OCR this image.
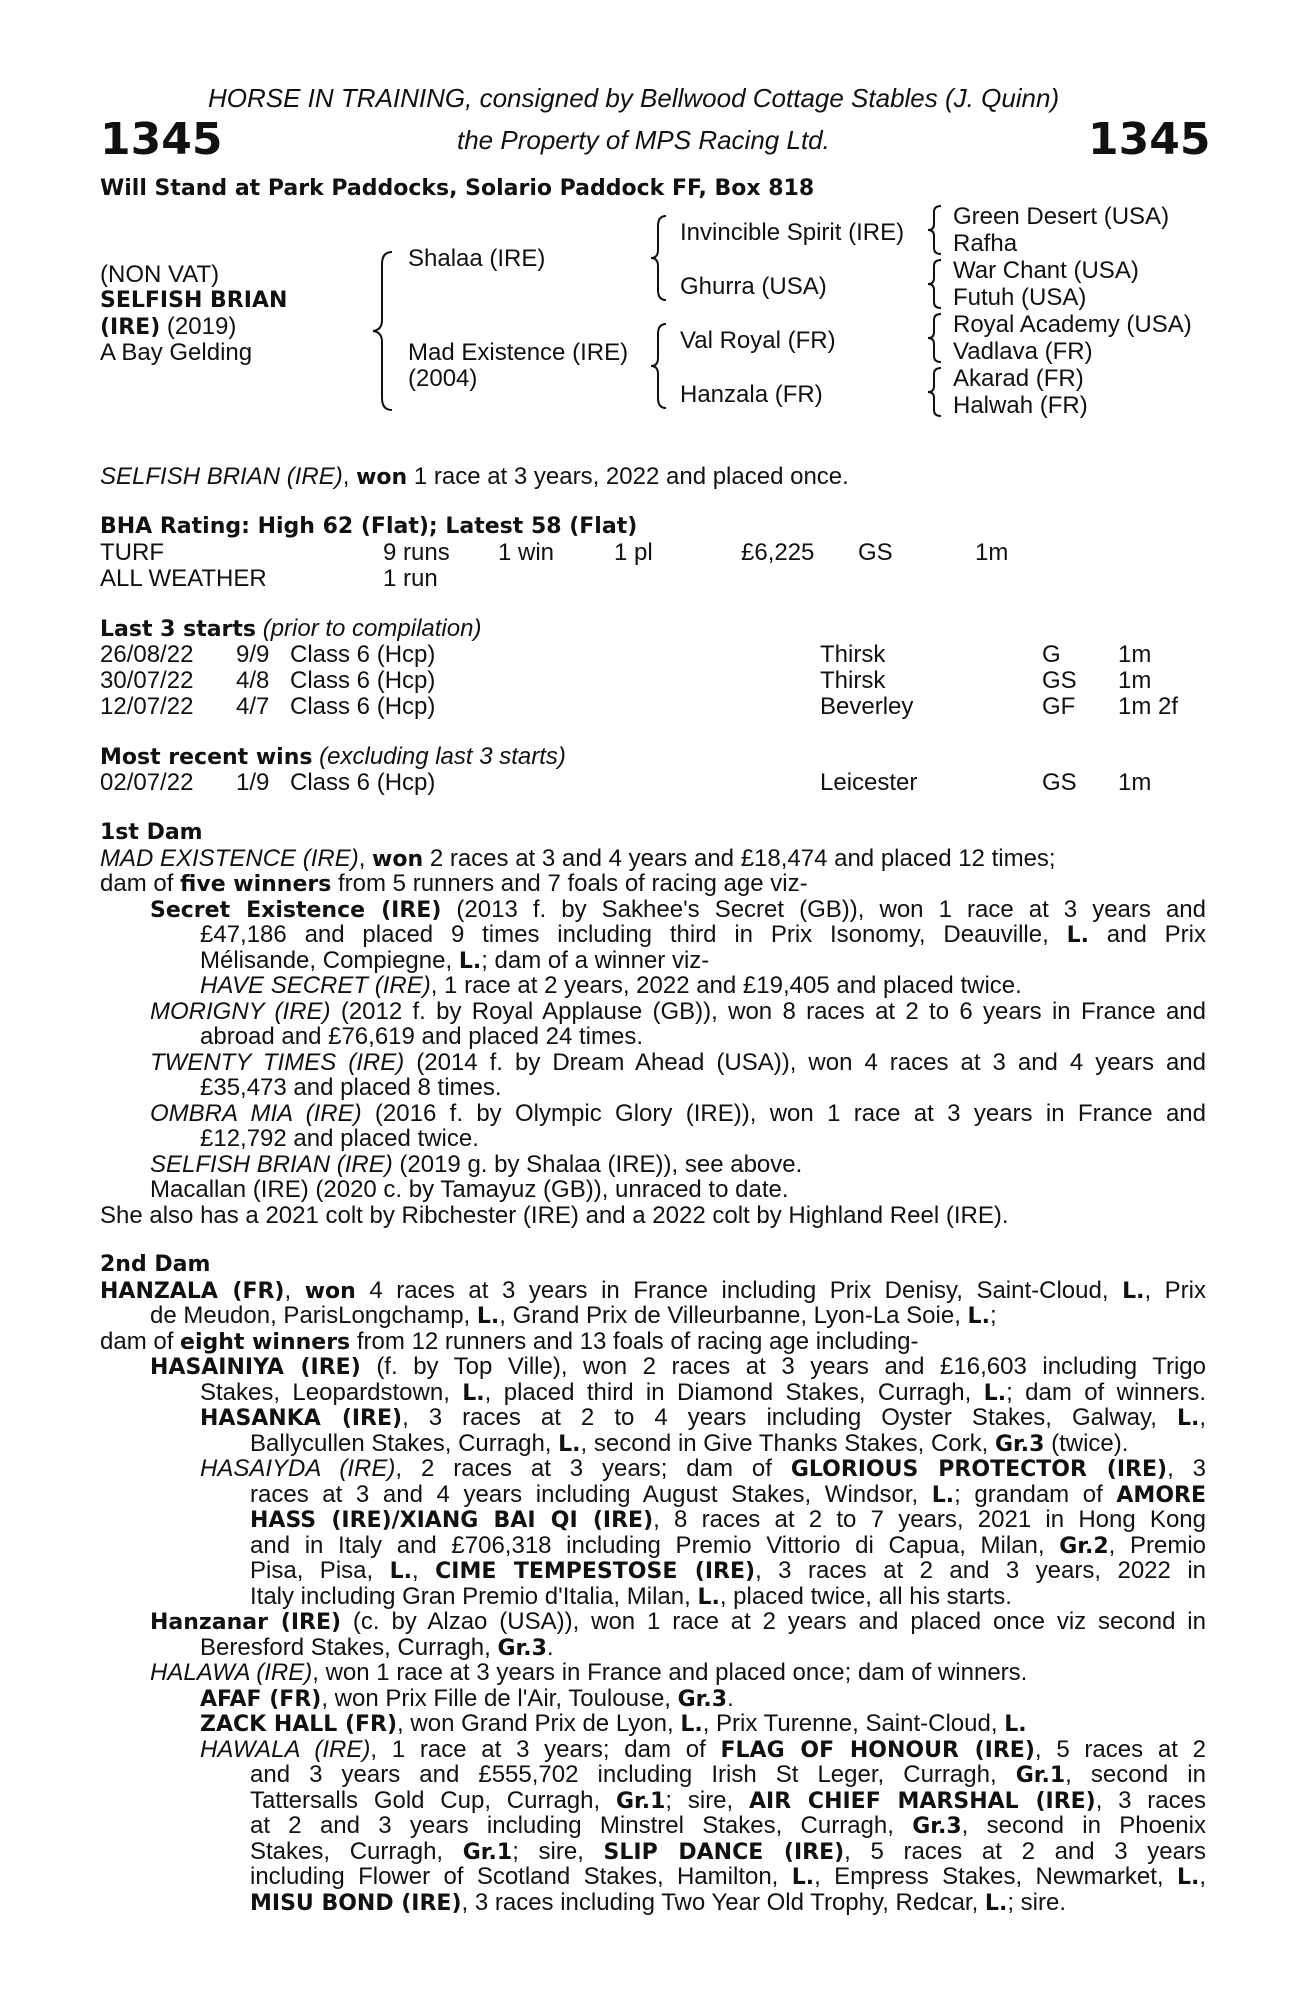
HORSE IN TRAINING, consigned by Bellwood Cottage Stables (J. Quinn)
1345	the Property of MPS Racing Ltd.	1345
Will Stand at Park Paddocks, Solario Paddock FF, Box 818
(NON VAT)
SELFISH BRIAN
(IRE) (2019)
A Bay Gelding
Shalaa (IRE)
Mad Existence (IRE)
(2004)
Invincible Spirit (IRE)
Ghurra (USA)
Val Royal (FR)
Hanzala (FR)
Green Desert (USA)
Rafha
War Chant (USA)
Futuh (USA)
Royal Academy (USA)
Vadlava (FR)
Akarad (FR)
Halwah (FR)
SELFISH BRIAN (IRE), won 1 race at 3 years, 2022 and placed once.
BHA Rating: High 62 (Flat); Latest 58 (Flat)
TURF	9 runs 1 win 1 pl	£6,225 GS	1m
ALL WEATHER	1 run
Last 3 starts (prior to compilation)
26/08/22 9/9 Class 6 (Hcp)	Thirsk	G 1m
30/07/22 4/8 Class 6 (Hcp)	Thirsk	GS 1m
12/07/22 4/7 Class 6 (Hcp)	Beverley	GF 1m 2f
Most recent wins (excluding last 3 starts)
02/07/22 1/9 Class 6 (Hcp)	Leicester	GS 1m
1st Dam
MAD EXISTENCE (IRE), won 2 races at 3 and 4 years and £18,474 and placed 12 times;
dam of five winners from 5 runners and 7 foals of racing age viz-
Secret Existence (IRE) (2013 f. by Sakhee's Secret (GB)), won 1 race at 3 years and
£47,186 and placed 9 times including third in Prix Isonomy, Deauville, L. and Prix
Mélisande, Compiegne, L.; dam of a winner viz-
HAVE SECRET (IRE), 1 race at 2 years, 2022 and £19,405 and placed twice.
MORIGNY (IRE) (2012 f. by Royal Applause (GB)), won 8 races at 2 to 6 years in France and
abroad and £76,619 and placed 24 times.
TWENTY TIMES (IRE) (2014 f. by Dream Ahead (USA)), won 4 races at 3 and 4 years and
£35,473 and placed 8 times.
OMBRA MIA (IRE) (2016 f. by Olympic Glory (IRE)), won 1 race at 3 years in France and
£12,792 and placed twice.
SELFISH BRIAN (IRE) (2019 g. by Shalaa (IRE)), see above.
Macallan (IRE) (2020 c. by Tamayuz (GB)), unraced to date.
She also has a 2021 colt by Ribchester (IRE) and a 2022 colt by Highland Reel (IRE).
2nd Dam
HANZALA (FR), won 4 races at 3 years in France including Prix Denisy, Saint-Cloud, L., Prix
de Meudon, ParisLongchamp, L., Grand Prix de Villeurbanne, Lyon-La Soie, L.;
dam of eight winners from 12 runners and 13 foals of racing age including-
HASAINIYA (IRE) (f. by Top Ville), won 2 races at 3 years and £16,603 including Trigo
Stakes, Leopardstown, L., placed third in Diamond Stakes, Curragh, L.; dam of winners.
HASANKA (IRE), 3 races at 2 to 4 years including Oyster Stakes, Galway, L.,
Ballycullen Stakes, Curragh, L., second in Give Thanks Stakes, Cork, Gr.3 (twice).
HASAIYDA (IRE), 2 races at 3 years; dam of GLORIOUS PROTECTOR (IRE), 3
races at 3 and 4 years including August Stakes, Windsor, L.; grandam of AMORE
HASS (IRE)/XIANG BAI QI (IRE), 8 races at 2 to 7 years, 2021 in Hong Kong
and in Italy and £706,318 including Premio Vittorio di Capua, Milan, Gr.2, Premio
Pisa, Pisa, L., CIME TEMPESTOSE (IRE), 3 races at 2 and 3 years, 2022 in
Italy including Gran Premio d'Italia, Milan, L., placed twice, all his starts.
Hanzanar (IRE) (c. by Alzao (USA)), won 1 race at 2 years and placed once viz second in
Beresford Stakes, Curragh, Gr.3.
HALAWA (IRE), won 1 race at 3 years in France and placed once; dam of winners.
AFAF (FR), won Prix Fille de l'Air, Toulouse, Gr.3.
ZACK HALL (FR), won Grand Prix de Lyon, L., Prix Turenne, Saint-Cloud, L.
HAWALA (IRE), 1 race at 3 years; dam of FLAG OF HONOUR (IRE), 5 races at 2
and 3 years and £555,702 including Irish St Leger, Curragh, Gr.1, second in
Tattersalls Gold Cup, Curragh, Gr.1; sire, AIR CHIEF MARSHAL (IRE), 3 races
at 2 and 3 years including Minstrel Stakes, Curragh, Gr.3, second in Phoenix
Stakes, Curragh, Gr.1; sire, SLIP DANCE (IRE), 5 races at 2 and 3 years
including Flower of Scotland Stakes, Hamilton, L., Empress Stakes, Newmarket, L.,
MISU BOND (IRE), 3 races including Two Year Old Trophy, Redcar, L.; sire.
